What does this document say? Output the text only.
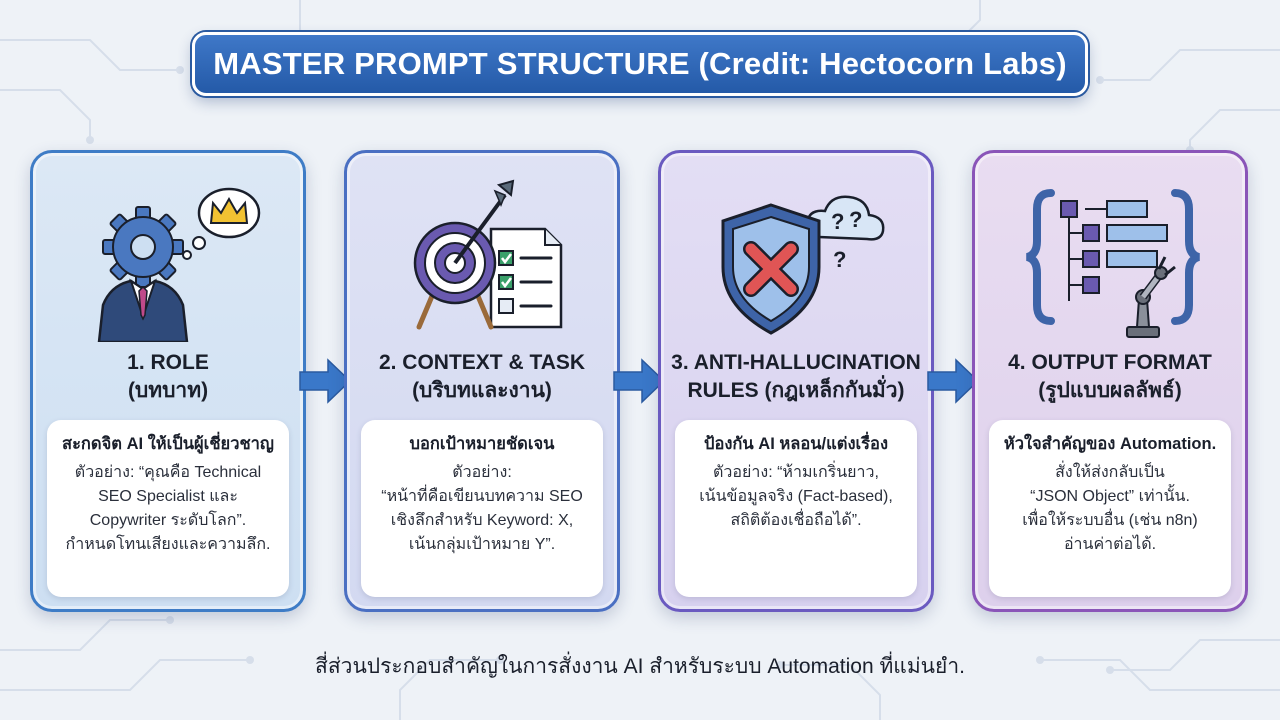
MASTER PROMPT STRUCTURE (Credit: Hectocorn Labs)
1. ROLE
(บทบาท)
สะกดจิต AI ให้เป็นผู้เชี่ยวชาญ
ตัวอย่าง: “คุณคือ Technical
SEO Specialist และ
Copywriter ระดับโลก”.
กำหนดโทนเสียงและความลึก.
2. CONTEXT & TASK
(บริบทและงาน)
บอกเป้าหมายชัดเจน
ตัวอย่าง:
“หน้าที่คือเขียนบทความ SEO
เชิงลึกสำหรับ Keyword: X,
เน้นกลุ่มเป้าหมาย Y”.
? ?
?
3. ANTI-HALLUCINATION
RULES (กฎเหล็กกันมั่ว)
ป้องกัน AI หลอน/แต่งเรื่อง
ตัวอย่าง: “ห้ามเกริ่นยาว,
เน้นข้อมูลจริง (Fact-based),
สถิติต้องเชื่อถือได้”.
4. OUTPUT FORMAT
(รูปแบบผลลัพธ์)
หัวใจสำคัญของ Automation.
สั่งให้ส่งกลับเป็น
“JSON Object” เท่านั้น.
เพื่อให้ระบบอื่น (เช่น n8n)
อ่านค่าต่อได้.
สี่ส่วนประกอบสำคัญในการสั่งงาน AI สำหรับระบบ Automation ที่แม่นยำ.
